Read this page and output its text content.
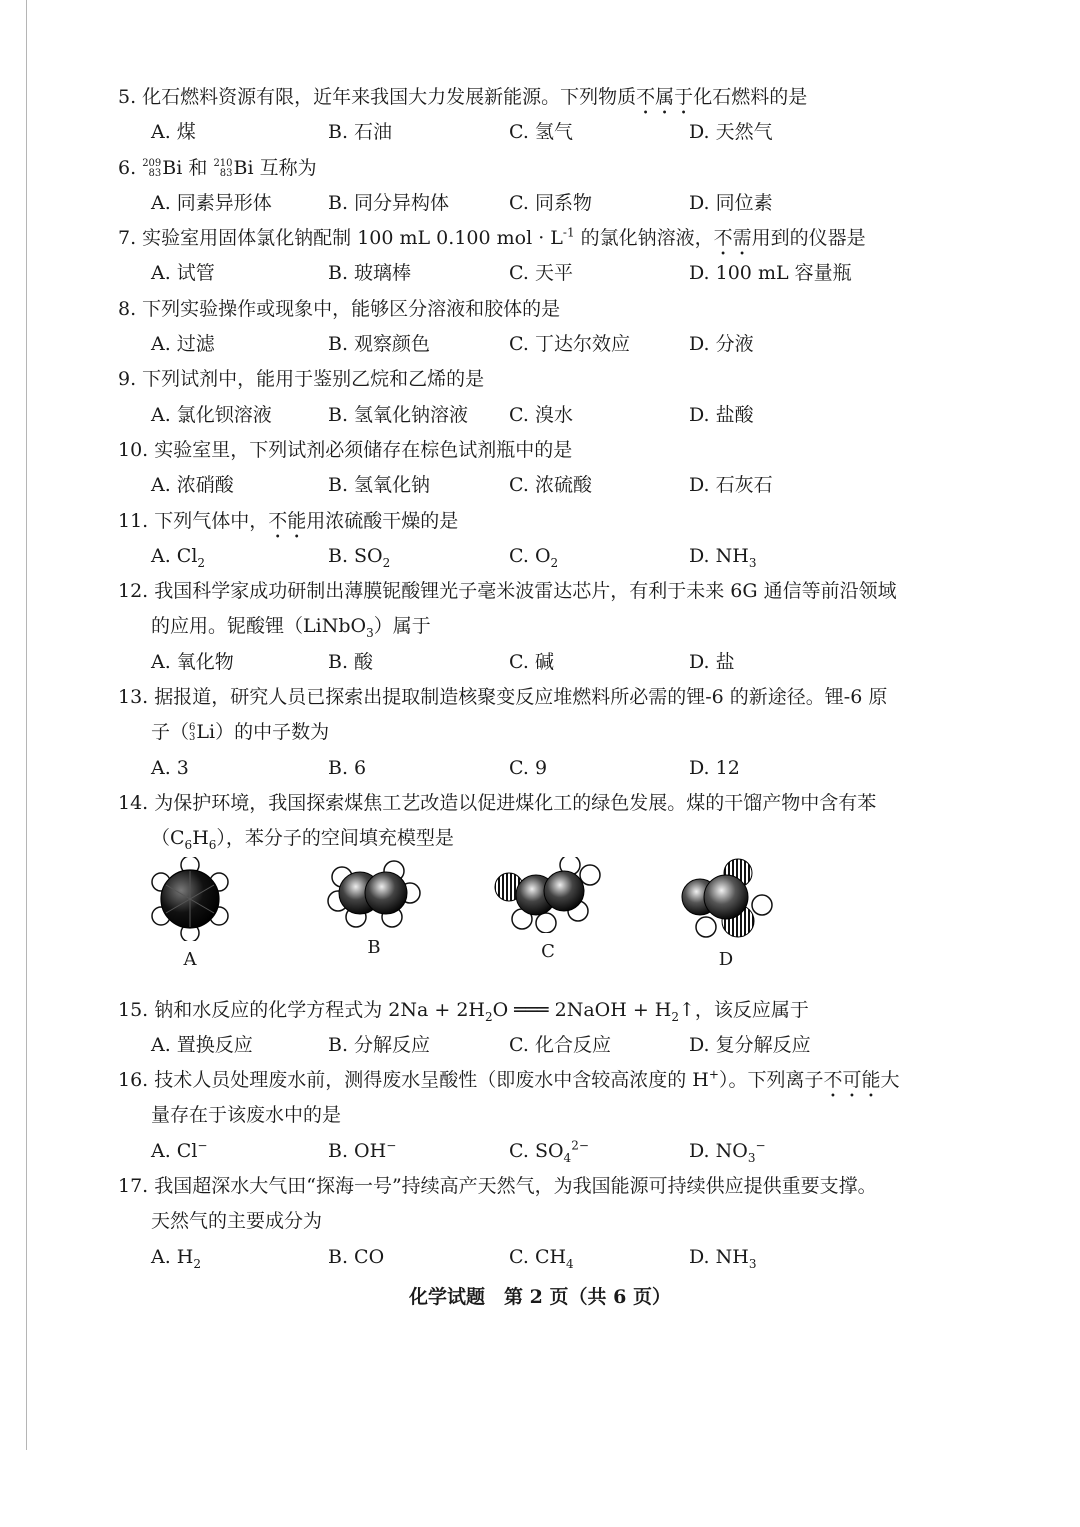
5. 化石燃料资源有限，近年来我国大力发展新能源。下列物质不属于化石燃料的是
A. 煤	B. 石油	C. 氢气	D. 天然气
6. 209
83 Bi 和 210
83 Bi 互称为
A. 同素异形体	B. 同分异构体	C. 同系物	D. 同位素
7. 实验室用固体氯化钠配制 100 mL 0.100 mol · $L^{-1}$ 的氯化钠溶液，不需用到的仪器是
A. 试管	B. 玻璃棒	C. 天平	D. 100 mL 容量瓶
8. 下列实验操作或现象中，能够区分溶液和胶体的是
A. 过滤	B. 观察颜色	C. 丁达尔效应	D. 分液
9. 下列试剂中，能用于鉴别乙烷和乙烯的是
A. 氯化钡溶液	B. 氢氧化钠溶液	C. 溴水	D. 盐酸
10. 实验室里，下列试剂必须储存在棕色试剂瓶中的是
A. 浓硝酸	B. 氢氧化钠	C. 浓硫酸	D. 石灰石
11. 下列气体中，不能用浓硫酸干燥的是
A. $Cl_2$	B. $SO_2$	C. $O_2$	D. $NH_3$
12. 我国科学家成功研制出薄膜铌酸锂光子毫米波雷达芯片，有利于未来 6G 通信等前沿领域
的应用。铌酸锂（LiNbO$_3$）属于
A. 氧化物	B. 酸	C. 碱	D. 盐
13. 据报道，研究人员已探索出提取制造核聚变反应堆燃料所必需的锂-6 的新途径。锂-6 原
子（ 6
3 Li）的中子数为
A. 3	B. 6	C. 9	D. 12
14. 为保护环境，我国探索煤焦工艺改造以促进煤化工的绿色发展。煤的干馏产物中含有苯
$(C_6H_6)$，苯分子的空间填充模型是
A
B	C	D
15. 钠和水反应的化学方程式为 $2Na + 2H_2O$ ═══ 2NaOH + $H_2↑$，该反应属于
A. 置换反应	B. 分解反应	C. 化合反应	D. 复分解反应
16. 技术人员处理废水前，测得废水呈酸性（即废水中含较高浓度的 H+）。下列离子不可能大
量存在于该废水中的是
A. Cl−	B. OH−	C. $SO_4^{2-}$	D. $NO_3^-$
17. 我国超深水大气田“探海一号”持续高产天然气，为我国能源可持续供应提供重要支撑。
天然气的主要成分为
A. $H_2$	B. CO	C. $CH_4$	D. $NH_3$
化学试题　第 2 页（共 6 页）
